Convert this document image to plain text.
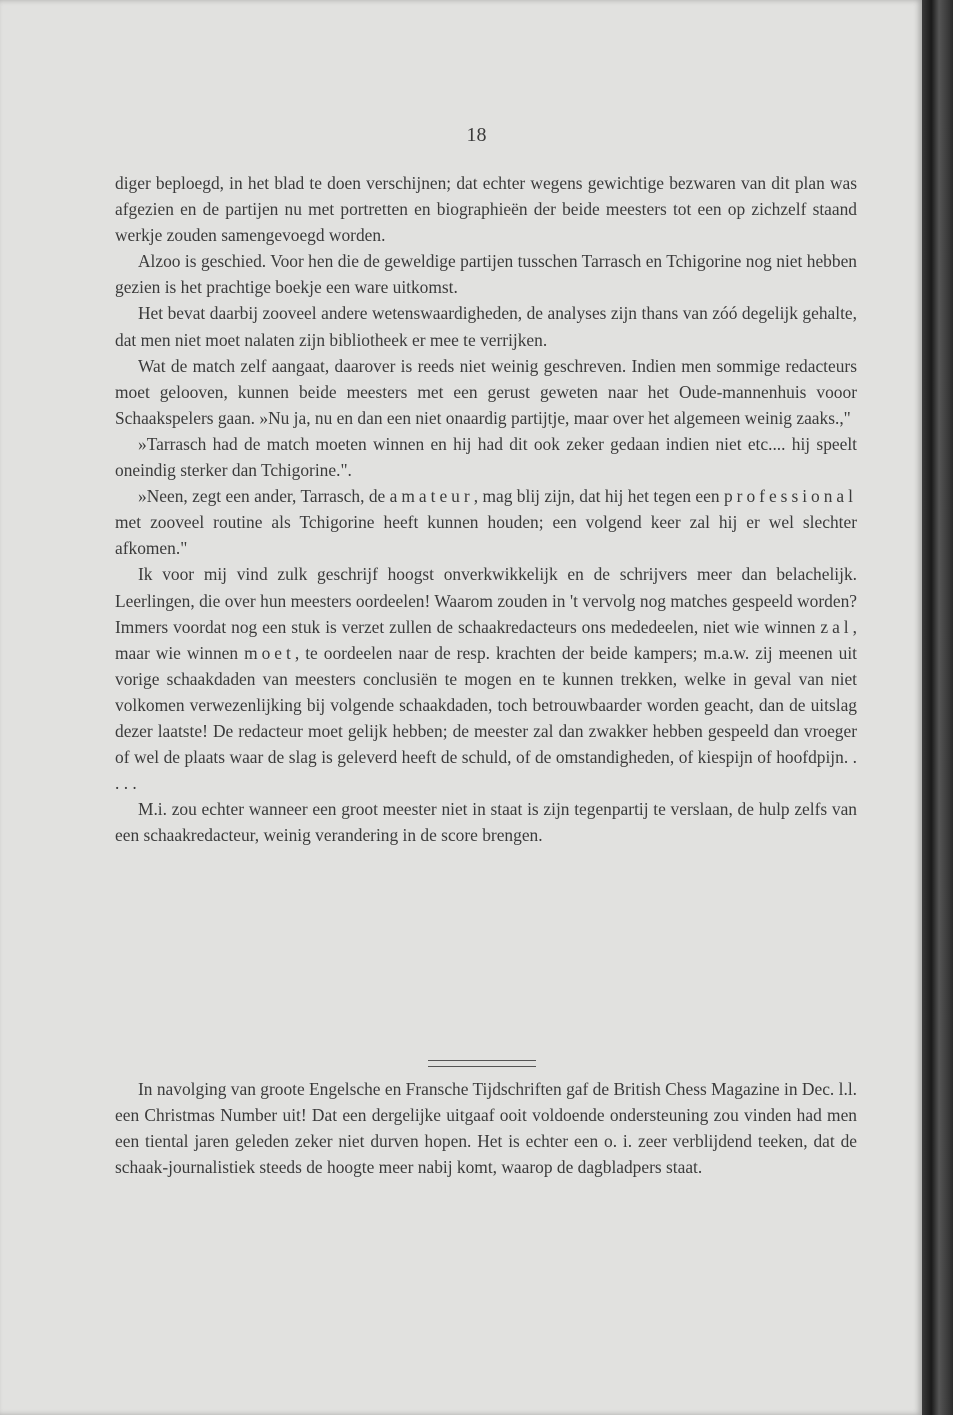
18

diger beploegd, in het blad te doen verschijnen; dat echter wegens gewichtige bezwaren van dit plan was afgezien en de partijen nu met portretten en biographieën der beide meesters tot een op zichzelf staand werkje zouden samengevoegd worden.

Alzoo is geschied. Voor hen die de geweldige partijen tusschen Tarrasch en Tchigorine nog niet hebben gezien is het prachtige boekje een ware uitkomst.

Het bevat daarbij zooveel andere wetenswaardigheden, de analyses zijn thans van zóó degelijk gehalte, dat men niet moet nalaten zijn bibliotheek er mee te verrijken.

Wat de match zelf aangaat, daarover is reeds niet weinig geschreven. Indien men sommige redacteurs moet gelooven, kunnen beide meesters met een gerust geweten naar het Oude-mannenhuis vooor Schaakspelers gaan. »Nu ja, nu en dan een niet onaardig partijtje, maar over het algemeen weinig zaaks.,"

»Tarrasch had de match moeten winnen en hij had dit ook zeker gedaan indien niet etc.... hij speelt oneindig sterker dan Tchigorine.".

»Neen, zegt een ander, Tarrasch, de amateur, mag blij zijn, dat hij het tegen een professional met zooveel routine als Tchigorine heeft kunnen houden; een volgend keer zal hij er wel slechter afkomen."

Ik voor mij vind zulk geschrijf hoogst onverkwikkelijk en de schrijvers meer dan belachelijk. Leerlingen, die over hun meesters oordeelen! Waarom zouden in 't vervolg nog matches gespeeld worden? Immers voordat nog een stuk is verzet zullen de schaakredacteurs ons mededeelen, niet wie winnen zal, maar wie winnen moet, te oordeelen naar de resp. krachten der beide kampers; m.a.w. zij meenen uit vorige schaakdaden van meesters conclusiën te mogen en te kunnen trekken, welke in geval van niet volkomen verwezenlijking bij volgende schaakdaden, toch betrouwbaarder worden geacht, dan de uitslag dezer laatste! De redacteur moet gelijk hebben; de meester zal dan zwakker hebben gespeeld dan vroeger of wel de plaats waar de slag is geleverd heeft de schuld, of de omstandigheden, of kiespijn of hoofdpijn. . . . .

M.i. zou echter wanneer een groot meester niet in staat is zijn tegenpartij te verslaan, de hulp zelfs van een schaakredacteur, weinig verandering in de score brengen.

In navolging van groote Engelsche en Fransche Tijdschriften gaf de British Chess Magazine in Dec. l.l. een Christmas Number uit! Dat een dergelijke uitgaaf ooit voldoende ondersteuning zou vinden had men een tiental jaren geleden zeker niet durven hopen. Het is echter een o. i. zeer verblijdend teeken, dat de schaak-journalistiek steeds de hoogte meer nabij komt, waarop de dagbladpers staat.
